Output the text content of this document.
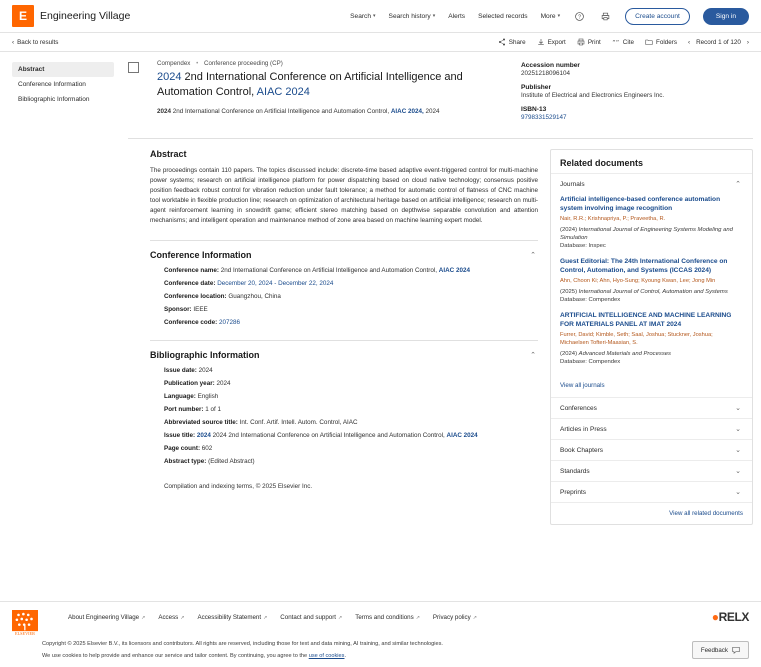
E	Engineering Village	Search ▾ Search history ▾ Alerts Selected records More ▾ ?	Create account	Sign in
‹ Back to results	Share	Export	Print ” ” Cite	Folders ‹ Record 1 of 120 ›
Abstract
Conference Information
Bibliographic Information
Compendex • Conference proceeding (CP)
2024 2nd International Conference on Artificial Intelligence and Automation Control, AIAC 2024
2024 2nd International Conference on Artificial Intelligence and Automation Control, AIAC 2024, 2024
Accession number
20251218096104
Publisher
Institute of Electrical and Electronics Engineers Inc.
ISBN-13
9798331529147
Abstract
The proceedings contain 110 papers. The topics discussed include: discrete-time based adaptive event-triggered control for multi-machine power systems; research on artificial intelligence platform for power dispatching based on cloud native technology; consensus positive position feedback robust control for vibration reduction under fault tolerance; a method for automatic control of flatness of CNC machine tool worktable in flexible production line; research on optimization of architectural heritage based on artificial intelligence; research on multi-agent reinforcement learning in snowdrift game; efficient stereo matching based on depthwise separable convolution and attention mechanisms; and intelligent operation and maintenance method of zone area based on machine learning expert model.
Conference Information	⌃
Conference name: 2nd International Conference on Artificial Intelligence and Automation Control, AIAC 2024
Conference date: December 20, 2024 - December 22, 2024
Conference location: Guangzhou, China
Sponsor: IEEE
Conference code: 207286
Bibliographic Information	⌃
Issue date: 2024
Publication year: 2024
Language: English
Port number: 1 of 1
Abbreviated source title: Int. Conf. Artif. Intell. Autom. Control, AIAC
Issue title: 2024 2024 2nd International Conference on Artificial Intelligence and Automation Control, AIAC 2024
Page count: 602
Abstract type: (Edited Abstract)
Compilation and indexing terms, © 2025 Elsevier Inc.
Related documents
Journals	⌃
Artificial intelligence-based conference automation system involving image recognition
Nair, R.R.; Krishnapriya, P.; Praveetha, R.
(2024) International Journal of Engineering Systems Modeling and Simulation
Database: Inspec
Guest Editorial: The 24th International Conference on Control, Automation, and Systems (ICCAS 2024)
Ahn, Choon Ki; Ahn, Hyo-Sung; Kyoung Kwan, Lee; Jong Min
(2025) International Journal of Control, Automation and Systems
Database: Compendex
ARTIFICIAL INTELLIGENCE AND MACHINE LEARNING FOR MATERIALS PANEL AT IMAT 2024
Furrer, David; Kimble, Seth; Saal, Joshua; Stuckner, Joshua; Michaelsen Tofteri-Maasian, S.
(2024) Advanced Materials and Processes
Database: Compendex
View all journals
Conferences	⌄
Articles in Press	⌄
Book Chapters	⌄
Standards	⌄
Preprints	⌄
View all related documents
ELSEVIER
About Engineering Village ↗ Access ↗ Accessibility Statement ↗ Contact and support ↗ Terms and conditions ↗ Privacy policy ↗	●RELX
Copyright © 2025 Elsevier B.V., its licensors and contributors. All rights are reserved, including those for text and data mining, AI training, and similar technologies.
We use cookies to help provide and enhance our service and tailor content. By continuing, you agree to the use of cookies.
Feedback
